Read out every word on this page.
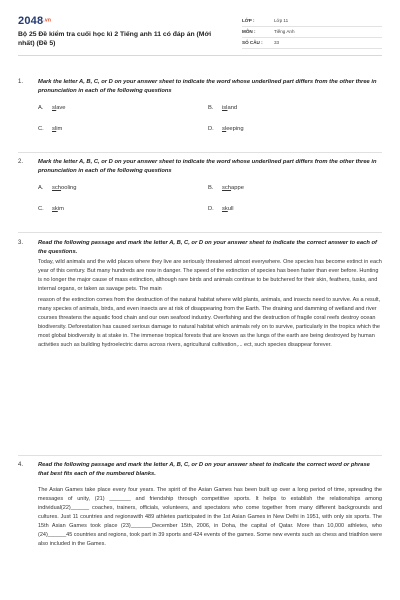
2048.vn
Bộ 25 Đề kiểm tra cuối học kì 2 Tiếng anh 11 có đáp án (Mới nhất) (Đề 5)
LỚP :	Lớp 11
MÔN :	Tiếng Anh
SỐ CÂU :	33
1.	Mark the letter A, B, C, or D on your answer sheet to indicate the word whose underlined part differs from the other three in pronunciation in each of the following questions
A. slave	B. island
C. slim	D. sleeping
2.	Mark the letter A, B, C, or D on your answer sheet to indicate the word whose underlined part differs from the other three in pronunciation in each of the following questions
A. schooling	B. schappe
C. skim	D. skull
3.	Read the following passage and mark the letter A, B, C, or D on your answer sheet to indicate the correct answer to each of the questions.
Today, wild animals and the wild places where they live are seriously threatened almost everywhere. One species has become extinct in each year of this century. But many hundreds are now in danger. The speed of the extinction of species has been faster than ever before. Hunting is no longer the major cause of mass extinction, although rare birds and animals continue to be butchered for their skin, feathers, tusks, and internal organs, or taken as savage pets. The main
reason of the extinction comes from the destruction of the natural habitat where wild plants, animals, and insects need to survive. As a result, many species of animals, birds, and even insects are at risk of disappearing from the Earth. The draining and damming of wetland and river courses threatens the aquatic food chain and our own seafood industry. Overfishing and the destruction of fragile coral reefs destroy ocean biodiversity. Deforestation has caused serious damage to natural habitat which animals rely on to survive, particularly in the tropics which the most global biodiversity is at stake in. The immense tropical forests that are known as the lungs of the earth are being destroyed by human activities such as building hydroelectric dams across rivers, agricultural cultivation,... ect, such species disappear forever.
4.	Read the following passage and mark the letter A, B, C, or D on your answer sheet to indicate the correct word or phrase that best fits each of the numbered blanks.
The Asian Games take place every four years. The spirit of the Asian Games has been built up over a long period of time, spreading the messages of unity, (21) _______ and friendship through competitive sports. It helps to establish the relationships among individual(22)______ coaches, trainers, officials, volunteers, and spectators who come together from many different backgrounds and cultures. Just 11 countries and regionswith 489 athletes participated in the 1st Asian Games in New Delhi in 1951, with only six sports. The 15th Asian Games took place (23)_______December 15th, 2006, in Doha, the capital of Qatar. More than 10,000 athletes, who (24)______45 countries and regions, took part in 39 sports and 424 events of the games. Some new events such as chess and triathlon were also included in the Games.
